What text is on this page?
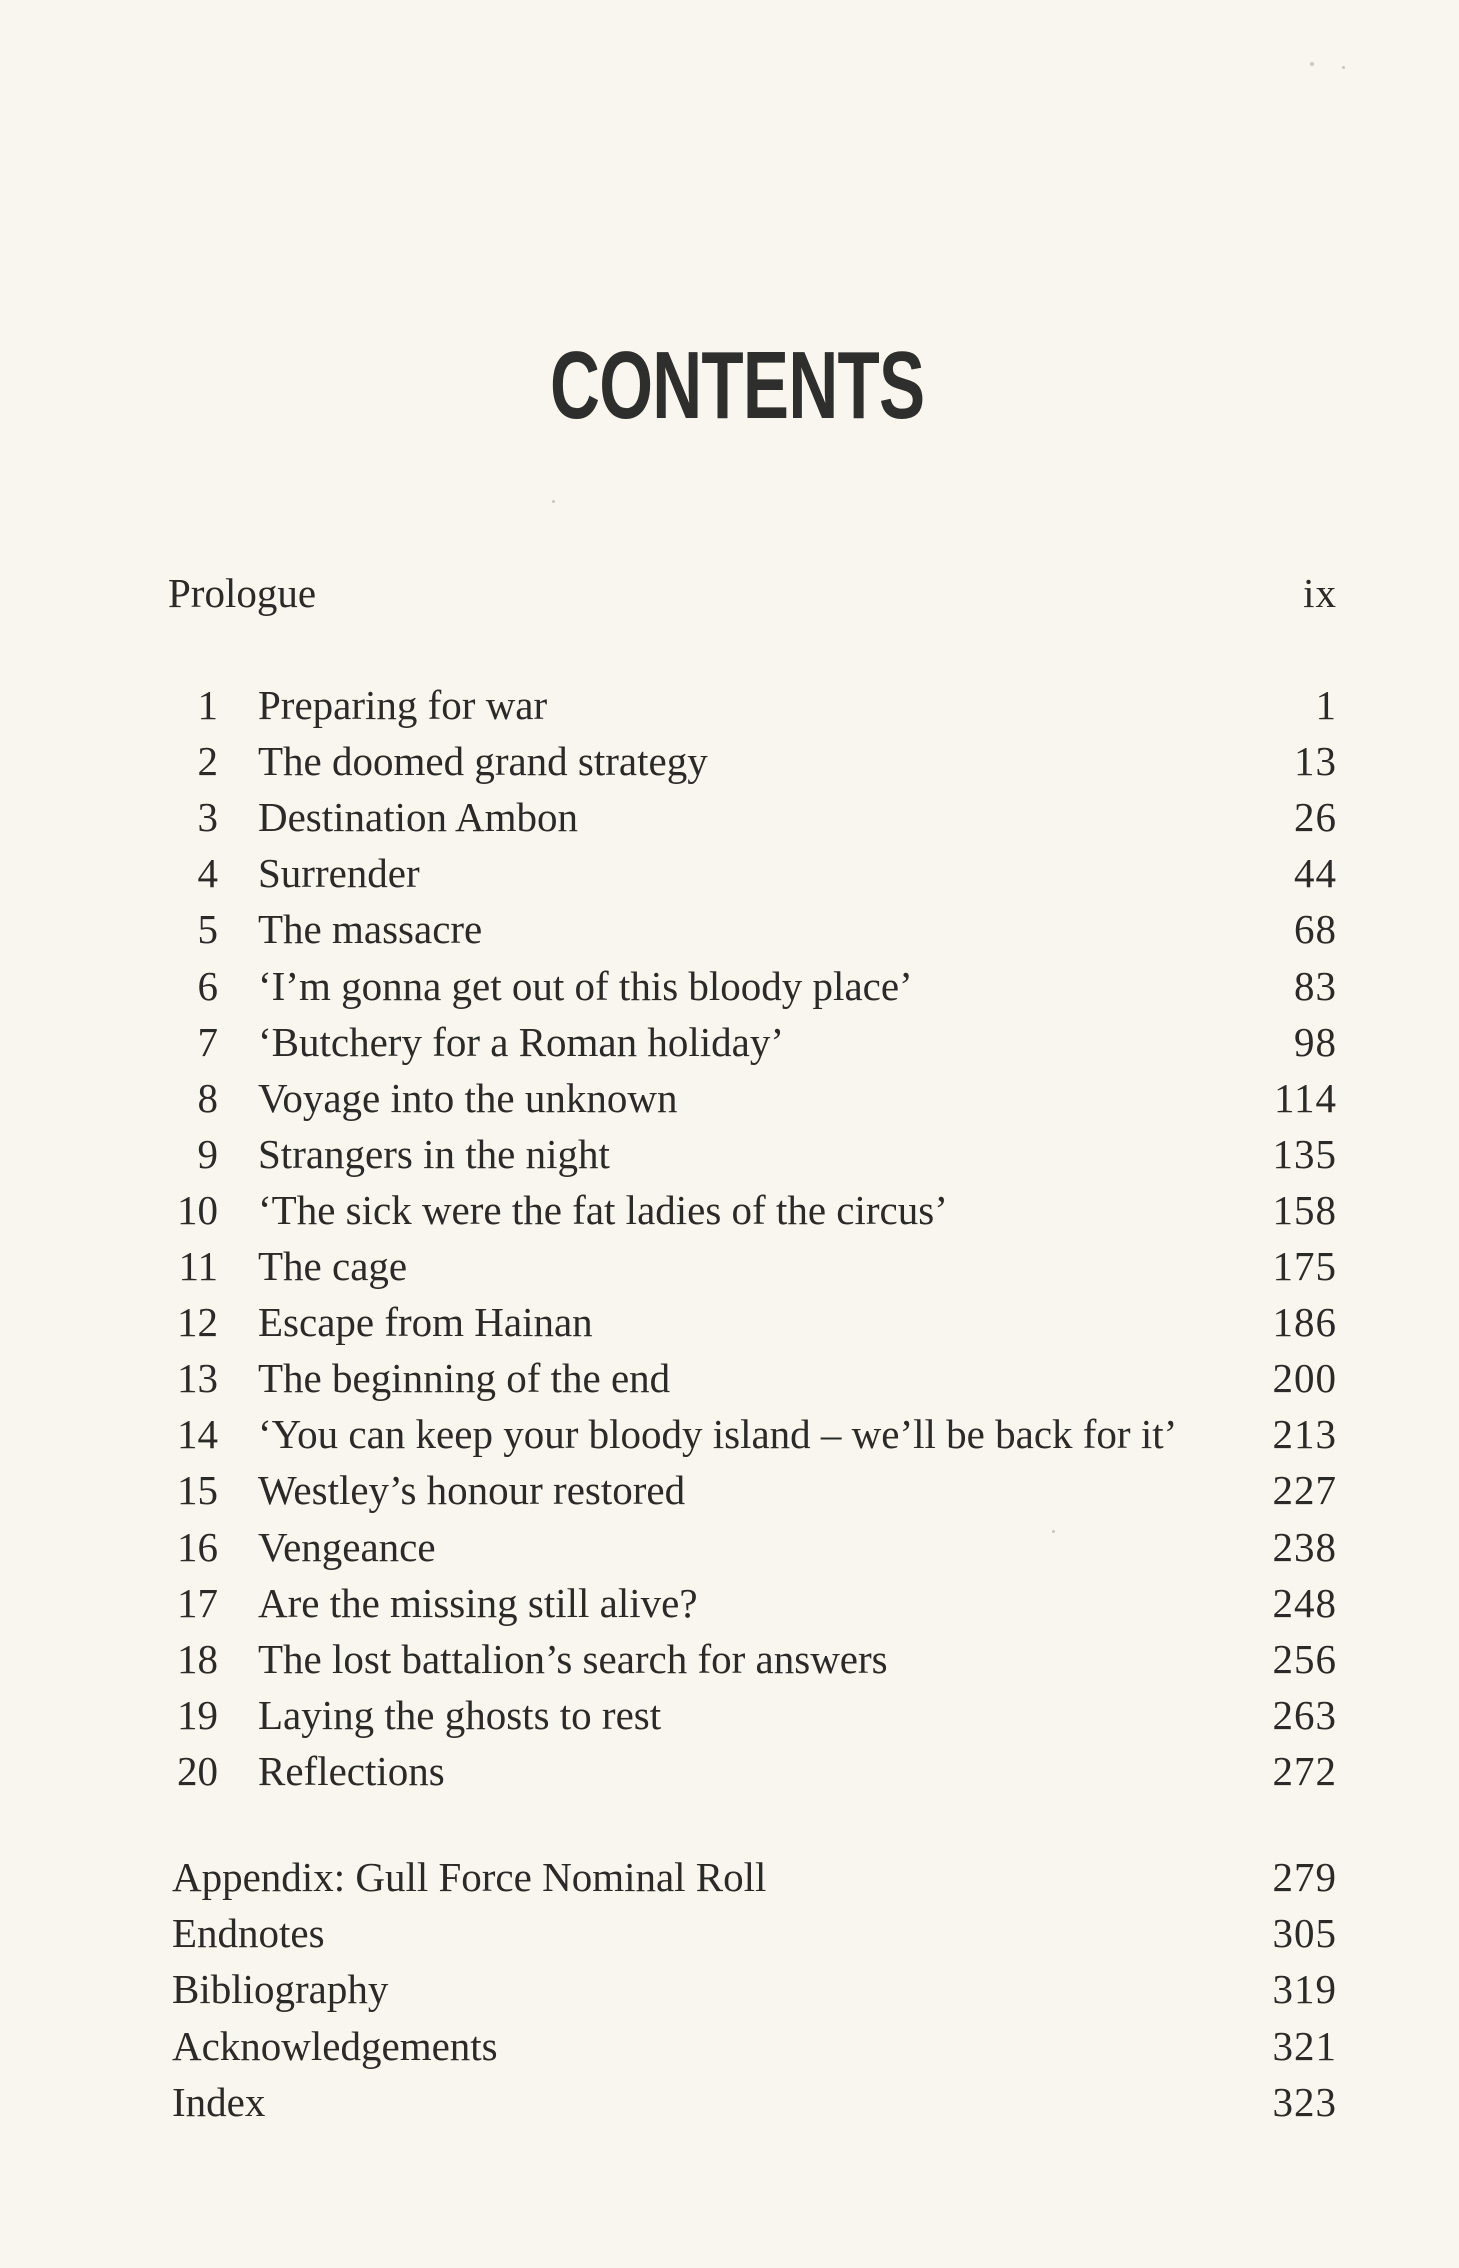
CONTENTS
Prologue	ix
1 Preparing for war	1
2 The doomed grand strategy	13
3 Destination Ambon	26
4 Surrender	44
5 The massacre	68
6 ‘I’m gonna get out of this bloody place’	83
7 ‘Butchery for a Roman holiday’	98
8 Voyage into the unknown	114
9 Strangers in the night	135
10 ‘The sick were the fat ladies of the circus’	158
11 The cage	175
12 Escape from Hainan	186
13 The beginning of the end	200
14 ‘You can keep your bloody island – we’ll be back for it’ 213
15 Westley’s honour restored	227
16 Vengeance	238
17 Are the missing still alive?	248
18 The lost battalion’s search for answers	256
19 Laying the ghosts to rest	263
20 Reflections	272
Appendix: Gull Force Nominal Roll	279
Endnotes	305
Bibliography	319
Acknowledgements	321
Index	323
